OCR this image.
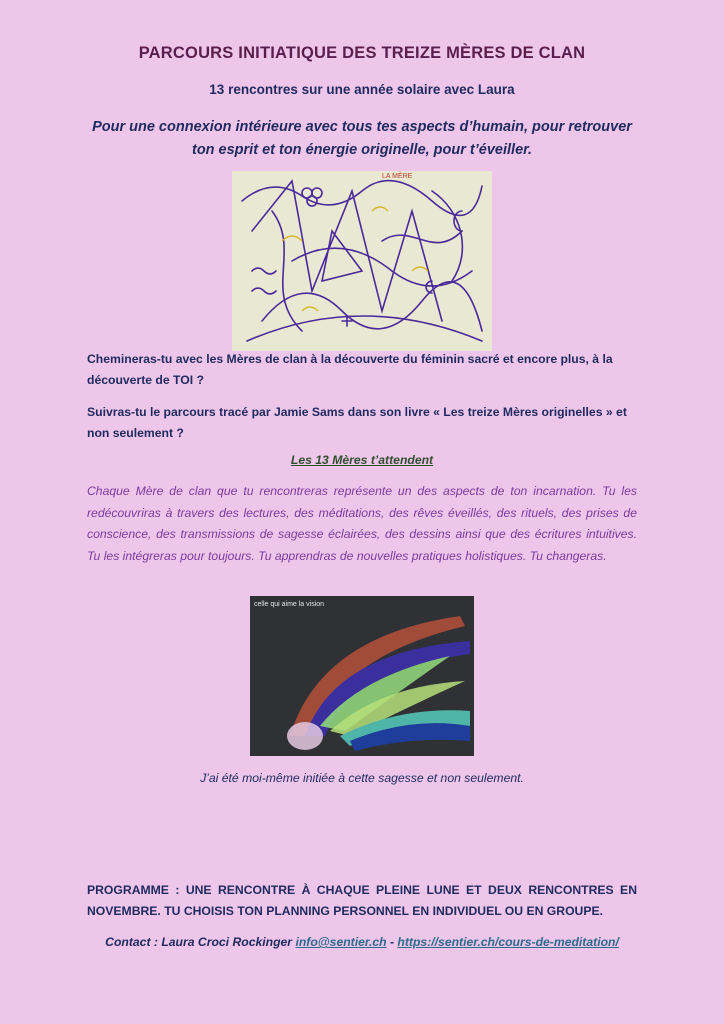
PARCOURS INITIATIQUE DES TREIZE MÈRES DE CLAN
13 rencontres sur une année solaire avec Laura
Pour une connexion intérieure avec tous tes aspects d’humain, pour retrouver ton esprit et ton énergie originelle, pour t’éveiller.
LA MÈRE
Chemineras-tu avec les Mères de clan à la découverte du féminin sacré et encore plus, à la découverte de TOI ?
Suivras-tu le parcours tracé par Jamie Sams dans son livre « Les treize Mères originelles » et non seulement ?
Les 13 Mères t’attendent
Chaque Mère de clan que tu rencontreras représente un des aspects de ton incarnation. Tu les redécouvriras à travers des lectures, des méditations, des rêves éveillés, des rituels, des prises de conscience, des transmissions de sagesse éclairées, des dessins ainsi que des écritures intuitives. Tu les intégreras pour toujours. Tu apprendras de nouvelles pratiques holistiques. Tu changeras.
celle qui aime la vision
J’ai été moi-même initiée à cette sagesse et non seulement.
PROGRAMME : UNE RENCONTRE À CHAQUE PLEINE LUNE ET DEUX RENCONTRES EN NOVEMBRE. TU CHOISIS TON PLANNING PERSONNEL EN INDIVIDUEL OU EN GROUPE.
Contact : Laura Croci Rockinger info@sentier.ch - https://sentier.ch/cours-de-meditation/
